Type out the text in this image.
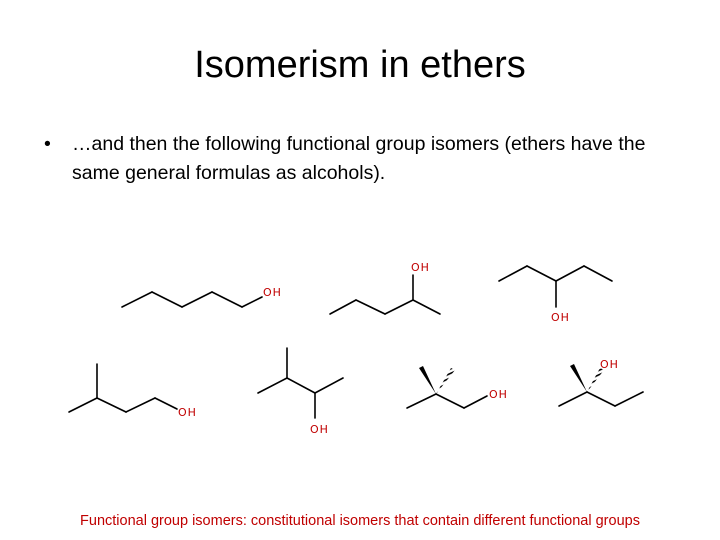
Isomerism in ethers
• …and then the following functional group isomers (ethers have the same general formulas as alcohols).
OH
OH
OH
OH
OH
OH
OH
Functional group isomers: constitutional isomers that contain different functional groups
